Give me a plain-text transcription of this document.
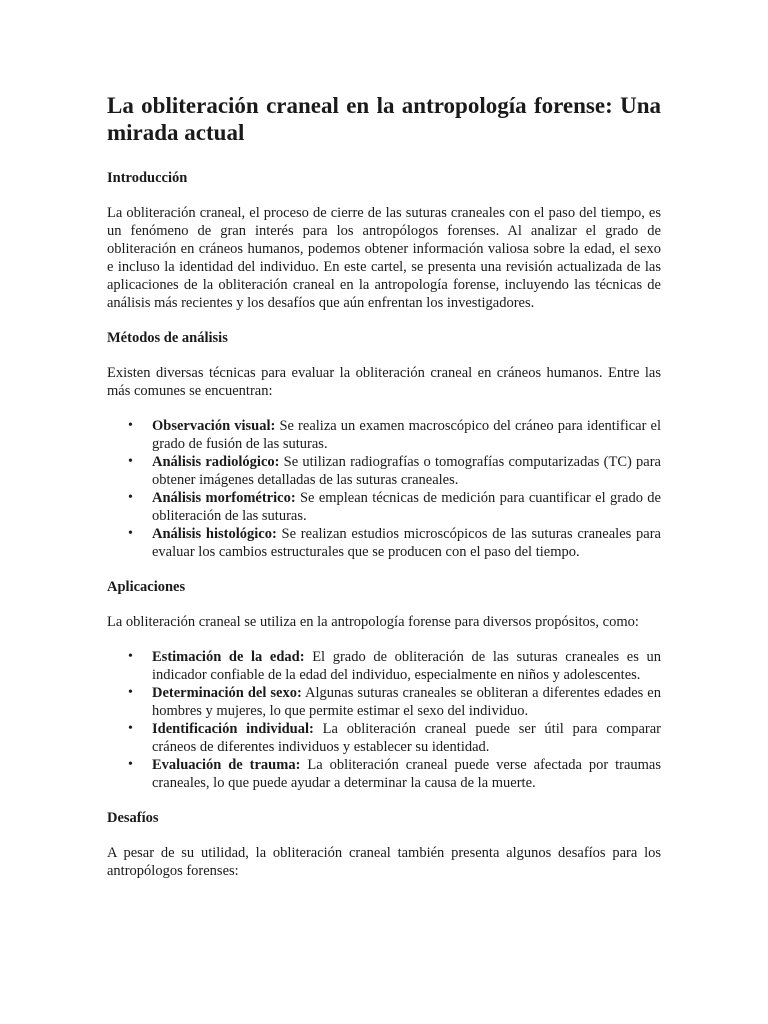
La obliteración craneal en la antropología forense: Una mirada actual
Introducción

La obliteración craneal, el proceso de cierre de las suturas craneales con el paso del tiempo, es un fenómeno de gran interés para los antropólogos forenses. Al analizar el grado de obliteración en cráneos humanos, podemos obtener información valiosa sobre la edad, el sexo e incluso la identidad del individuo. En este cartel, se presenta una revisión actualizada de las aplicaciones de la obliteración craneal en la antropología forense, incluyendo las técnicas de análisis más recientes y los desafíos que aún enfrentan los investigadores.

Métodos de análisis

Existen diversas técnicas para evaluar la obliteración craneal en cráneos humanos. Entre las más comunes se encuentran:

• Observación visual: Se realiza un examen macroscópico del cráneo para identificar el grado de fusión de las suturas.
• Análisis radiológico: Se utilizan radiografías o tomografías computarizadas (TC) para obtener imágenes detalladas de las suturas craneales.
• Análisis morfométrico: Se emplean técnicas de medición para cuantificar el grado de obliteración de las suturas.
• Análisis histológico: Se realizan estudios microscópicos de las suturas craneales para evaluar los cambios estructurales que se producen con el paso del tiempo.
Aplicaciones

La obliteración craneal se utiliza en la antropología forense para diversos propósitos, como:

• Estimación de la edad: El grado de obliteración de las suturas craneales es un indicador confiable de la edad del individuo, especialmente en niños y adolescentes.
• Determinación del sexo: Algunas suturas craneales se obliteran a diferentes edades en hombres y mujeres, lo que permite estimar el sexo del individuo.
• Identificación individual: La obliteración craneal puede ser útil para comparar cráneos de diferentes individuos y establecer su identidad.
• Evaluación de trauma: La obliteración craneal puede verse afectada por traumas craneales, lo que puede ayudar a determinar la causa de la muerte.
Desafíos

A pesar de su utilidad, la obliteración craneal también presenta algunos desafíos para los antropólogos forenses:
